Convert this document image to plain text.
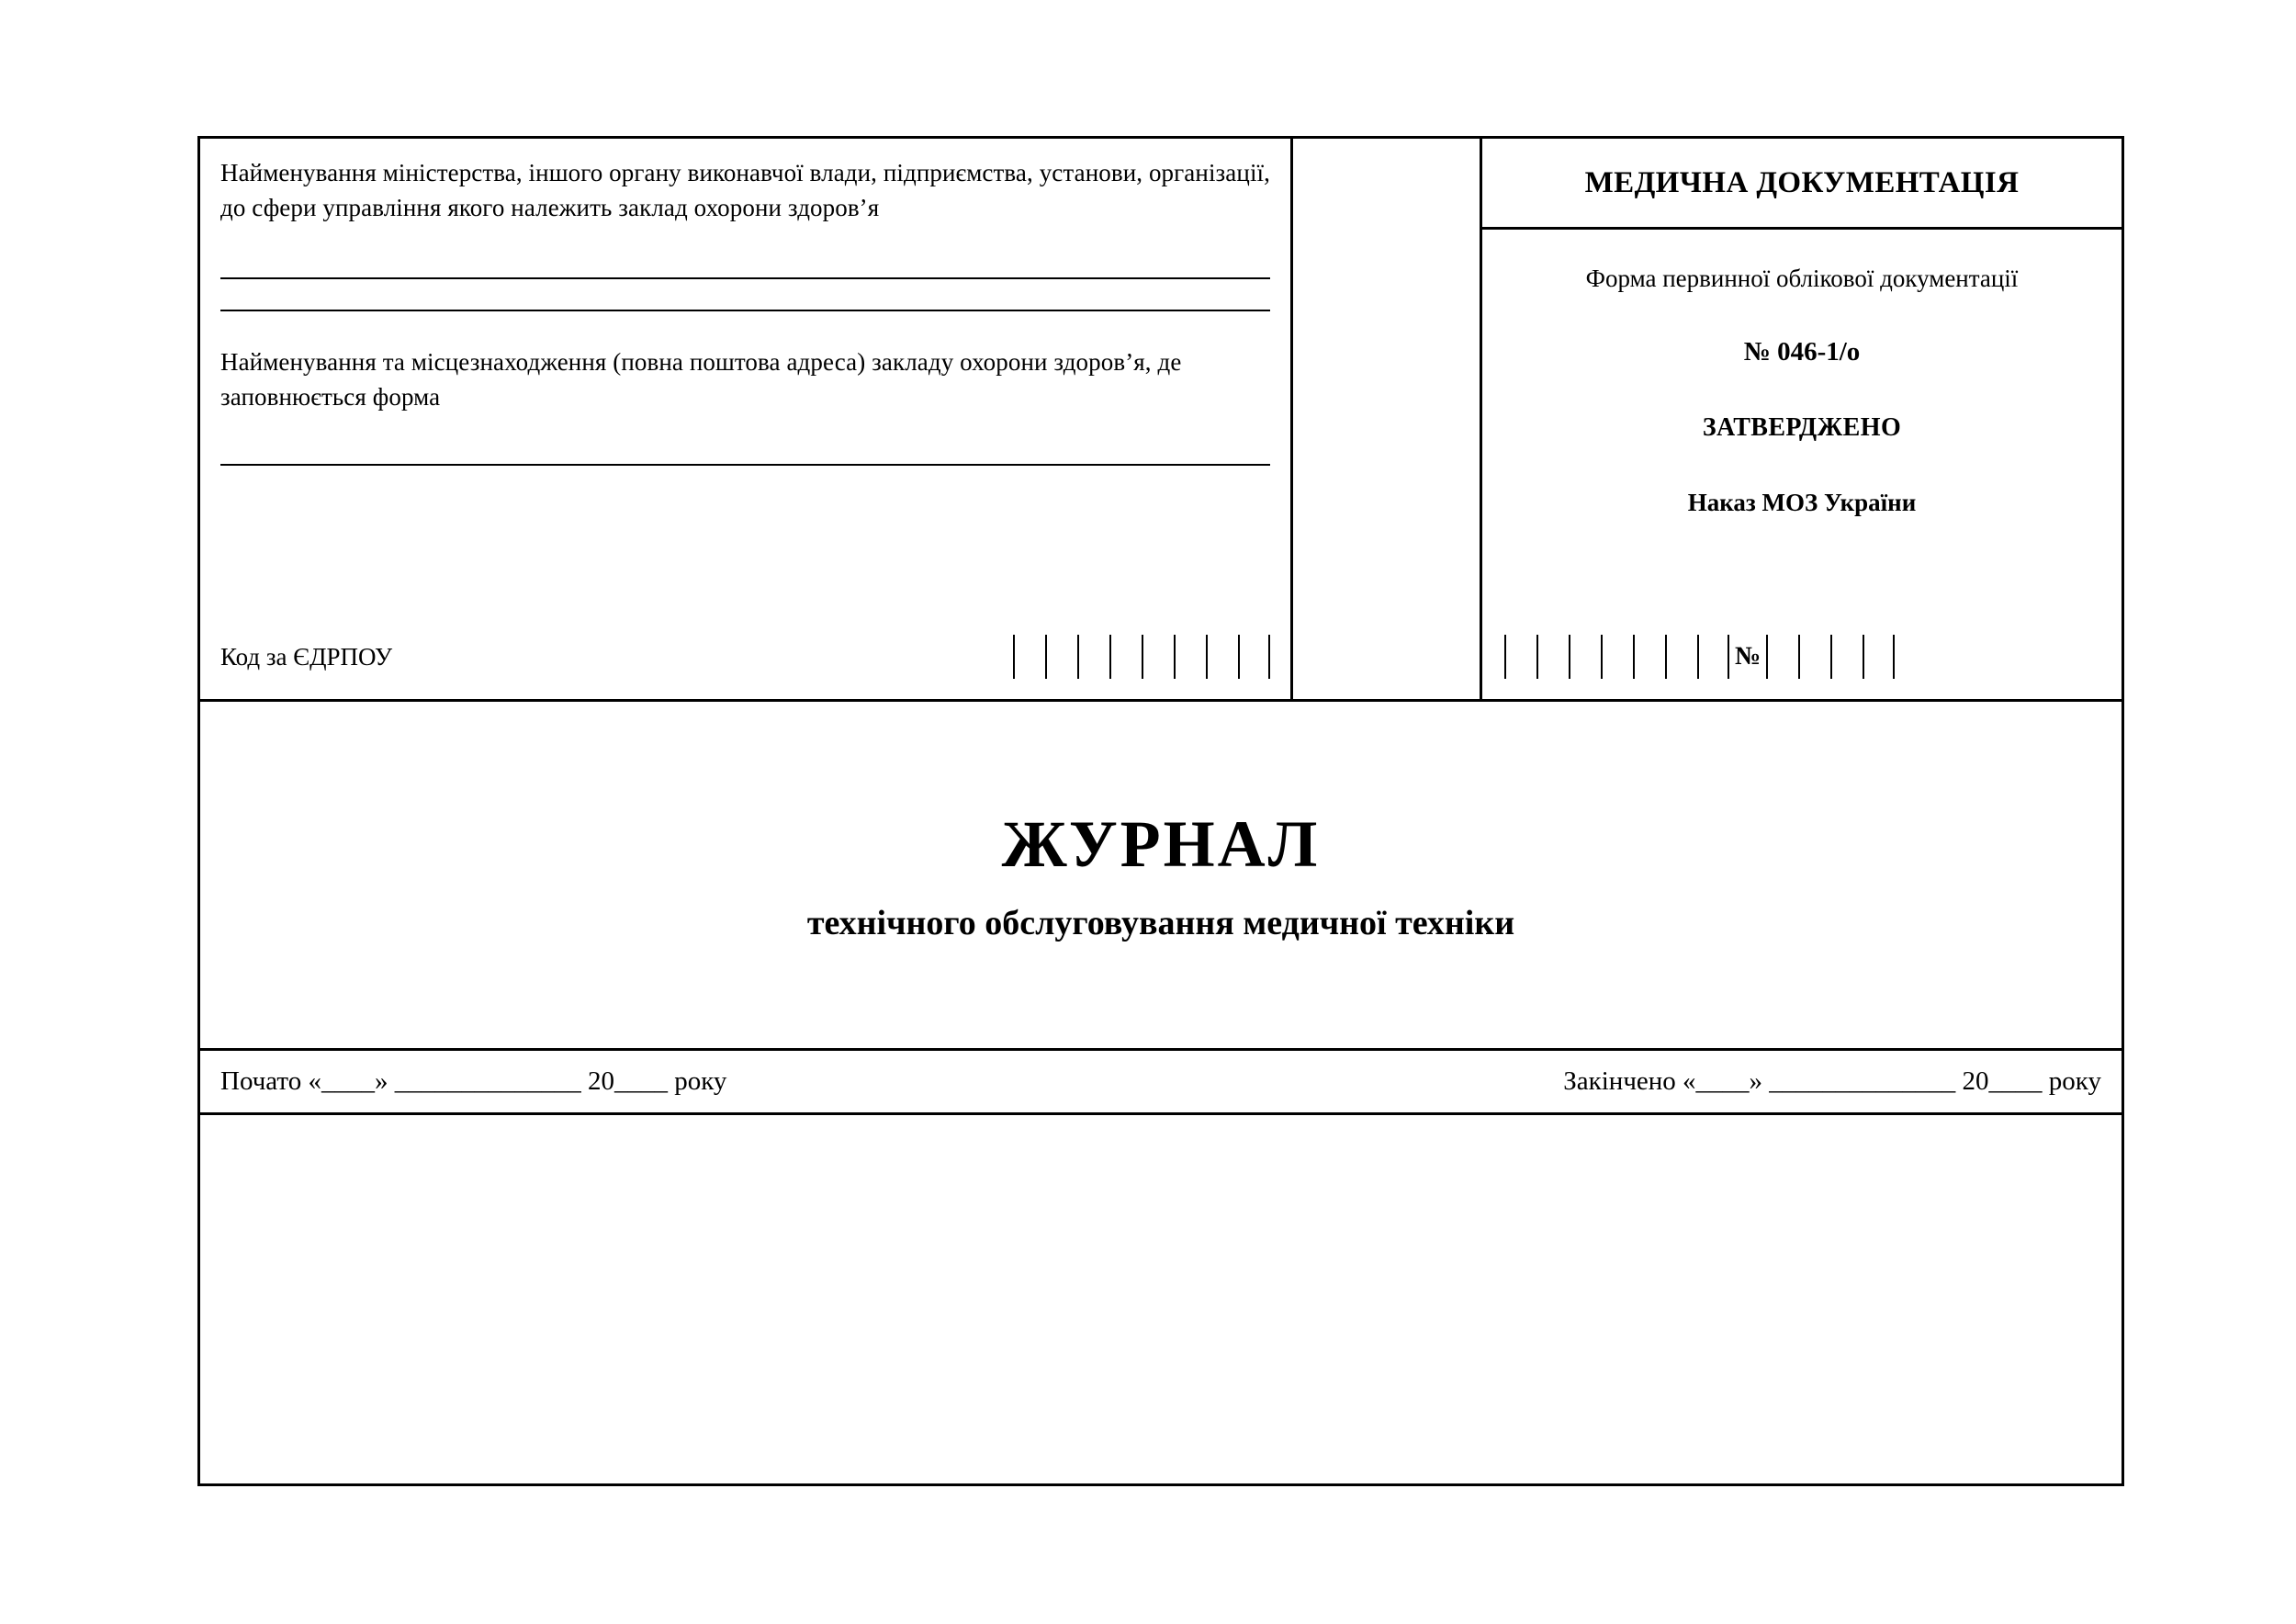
Найменування міністерства, іншого органу виконавчої влади, підприємства, установи, організації, до сфери управління якого належить заклад охорони здоров’я
Найменування та місцезнаходження (повна поштова адреса) закладу охорони здоров’я, де заповнюється форма
Код за ЄДРПОУ
МЕДИЧНА ДОКУМЕНТАЦІЯ
Форма первинної облікової документації
№ 046-1/о
ЗАТВЕРДЖЕНО
Наказ МОЗ України
№
ЖУРНАЛ
технічного обслуговування медичної техніки
Почато «____» ______________ 20____ року	Закінчено «____» ______________ 20____ року
